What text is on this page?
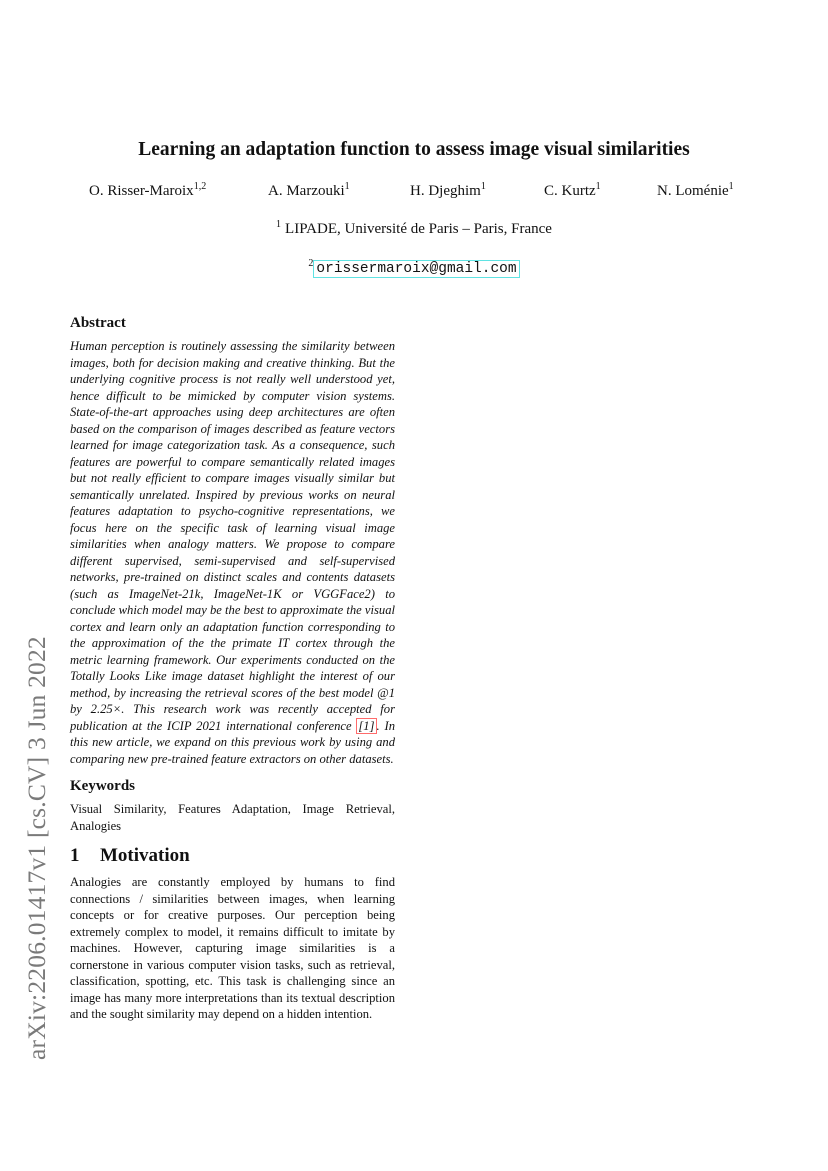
arXiv:2206.01417v1 [cs.CV] 3 Jun 2022
Learning an adaptation function to assess image visual similarities
O. Risser-Maroix$^{1,2}$	A. Marzouki$^1$	H. Djeghim$^1$	C. Kurtz$^1$	N. Loménie$^1$
$^1$ LIPADE, Université de Paris – Paris, France
$^2$ orissermaroix@gmail.com
Abstract

Human perception is routinely assessing the similarity between images, both for decision making and creative thinking. But the underlying cognitive process is not really well understood yet, hence difficult to be mimicked by computer vision systems. State-of-the-art approaches using deep architectures are often based on the comparison of images described as feature vectors learned for image categorization task. As a consequence, such features are powerful to compare semantically related images but not really efficient to compare images visually similar but semantically unrelated. Inspired by previous works on neural features adaptation to psycho-cognitive representations, we focus here on the specific task of learning visual image similarities when analogy matters. We propose to compare different supervised, semi-supervised and self-supervised networks, pre-trained on distinct scales and contents datasets (such as ImageNet-21k, ImageNet-1K or VGGFace2) to conclude which model may be the best to approximate the visual cortex and learn only an adaptation function corresponding to the approximation of the the primate IT cortex through the metric learning framework. Our experiments conducted on the Totally Looks Like image dataset highlight the interest of our method, by increasing the retrieval scores of the best model @1 by 2.25×. This research work was recently accepted for publication at the ICIP 2021 international conference [1] . In this new article, we expand on this previous work by using and comparing new pre-trained feature extractors on other datasets.

Keywords

Visual Similarity, Features Adaptation, Image Retrieval, Analogies

1 Motivation

Analogies are constantly employed by humans to find connections / similarities between images, when learning concepts or for creative purposes. Our perception being extremely complex to model, it remains difficult to imitate by machines. However, capturing image similarities is a cornerstone in various computer vision tasks, such as retrieval, classification, spotting, etc. This task is challenging since an image has many more interpretations than its textual description and the sought similarity may depend on a hidden intention.
